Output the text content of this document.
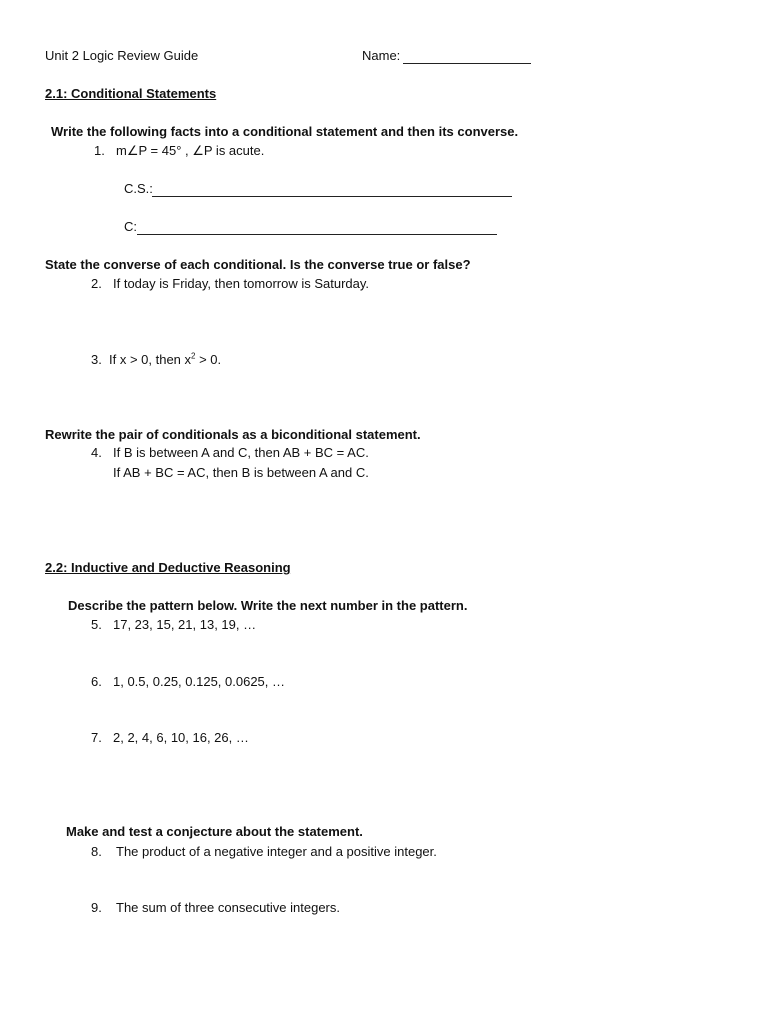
Unit 2 Logic Review Guide	Name:
2.1: Conditional Statements
Write the following facts into a conditional statement and then its converse.
1. m∠P = 45° , ∠P is acute.
C.S.:
C:
State the converse of each conditional. Is the converse true or false?
2. If today is Friday, then tomorrow is Saturday.
3. If x > 0, then $x^2 > 0$.
Rewrite the pair of conditionals as a biconditional statement.
4. If B is between A and C, then AB + BC = AC.
If AB + BC = AC, then B is between A and C.
2.2: Inductive and Deductive Reasoning
Describe the pattern below. Write the next number in the pattern.
5. 17, 23, 15, 21, 13, 19, …
6. 1, 0.5, 0.25, 0.125, 0.0625, …
7. 2, 2, 4, 6, 10, 16, 26, …
Make and test a conjecture about the statement.
8. The product of a negative integer and a positive integer.
9. The sum of three consecutive integers.
